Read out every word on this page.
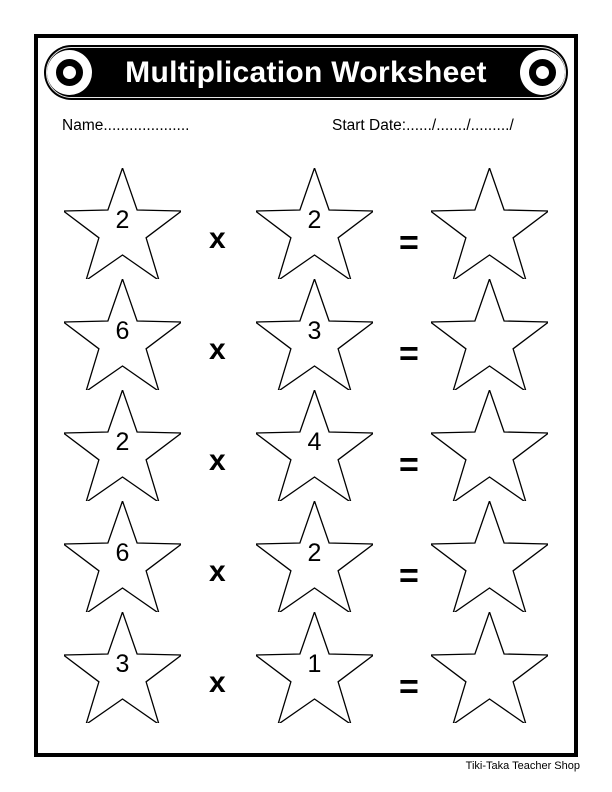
Multiplication Worksheet
Name....................	Start Date:....../......./........./
2
x
2
=
6
x
3
=
2
x
4
=
6
x
2
=
3
x
1
=
Tiki-Taka Teacher Shop
